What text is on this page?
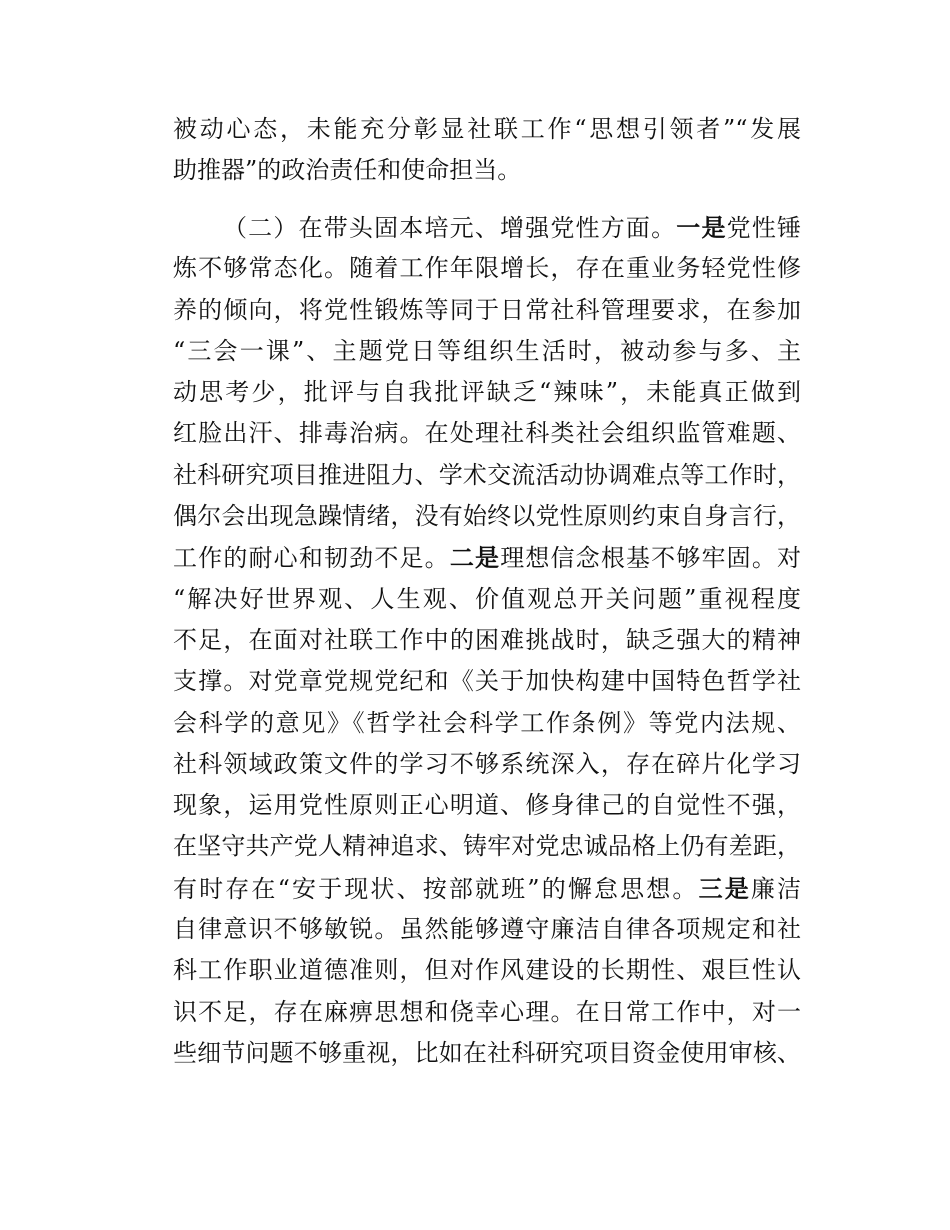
被动心态，未能充分彰显社联工作“思想引领者”“发展
助推器”的政治责任和使命担当。
（二）在带头固本培元、增强党性方面。一是党性锤
炼不够常态化。随着工作年限增长，存在重业务轻党性修
养的倾向，将党性锻炼等同于日常社科管理要求，在参加
“三会一课”、主题党日等组织生活时，被动参与多、主
动思考少，批评与自我批评缺乏“辣味”，未能真正做到
红脸出汗、排毒治病。在处理社科类社会组织监管难题、
社科研究项目推进阻力、学术交流活动协调难点等工作时，
偶尔会出现急躁情绪，没有始终以党性原则约束自身言行，
工作的耐心和韧劲不足。二是理想信念根基不够牢固。对
“解决好世界观、人生观、价值观总开关问题”重视程度
不足，在面对社联工作中的困难挑战时，缺乏强大的精神
支撑。对党章党规党纪和《关于加快构建中国特色哲学社
会科学的意见》《哲学社会科学工作条例》等党内法规、
社科领域政策文件的学习不够系统深入，存在碎片化学习
现象，运用党性原则正心明道、修身律己的自觉性不强，
在坚守共产党人精神追求、铸牢对党忠诚品格上仍有差距，
有时存在“安于现状、按部就班”的懈怠思想。三是廉洁
自律意识不够敏锐。虽然能够遵守廉洁自律各项规定和社
科工作职业道德准则，但对作风建设的长期性、艰巨性认
识不足，存在麻痹思想和侥幸心理。在日常工作中，对一
些细节问题不够重视，比如在社科研究项目资金使用审核、
